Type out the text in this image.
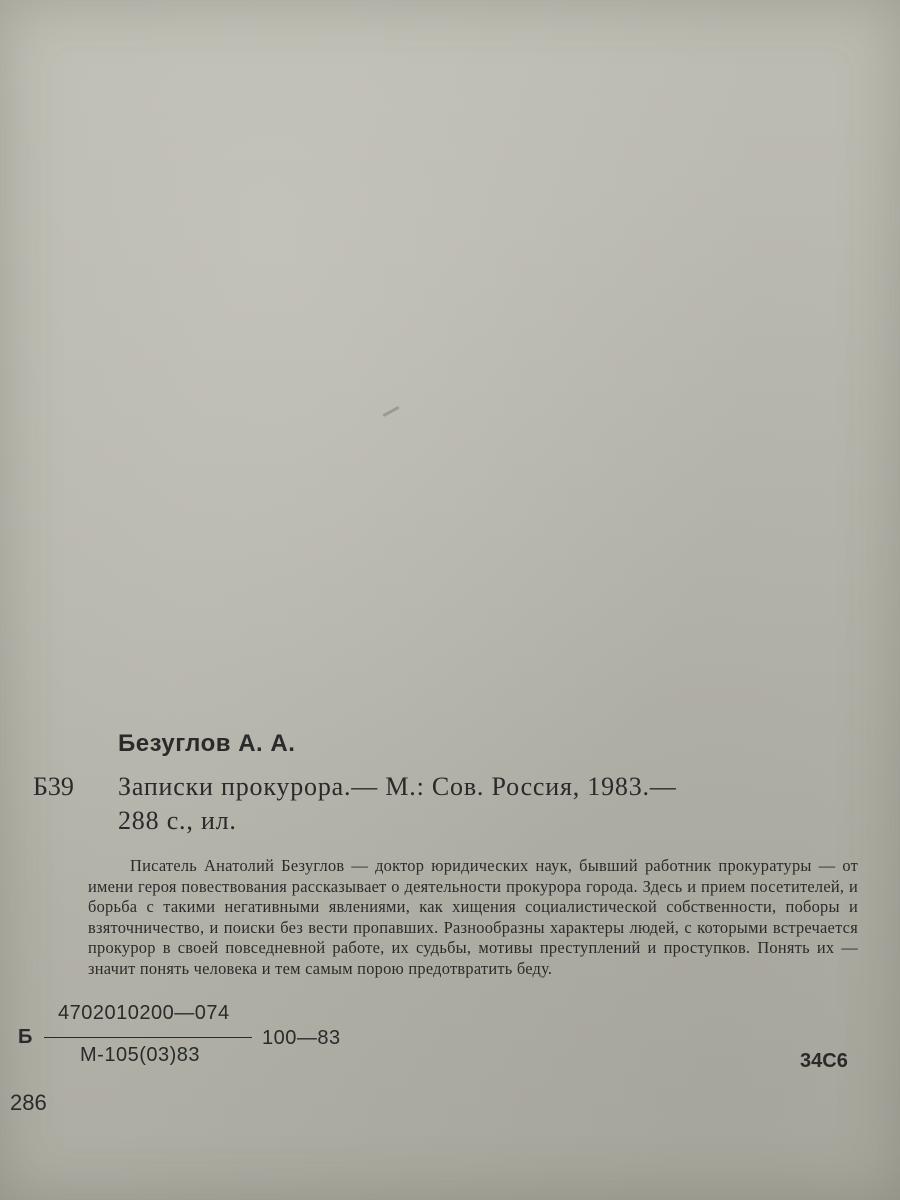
Безуглов А. А.
Б39 Записки прокурора.— М.: Сов. Россия, 1983.—
288 с., ил.
Писатель Анатолий Безуглов — доктор юридических наук, бывший работник прокуратуры — от имени героя повествования рассказывает о деятельности прокурора города. Здесь и прием посетителей, и борьба с такими негативными явлениями, как хищения социалистической собственности, поборы и взяточничество, и поиски без вести пропавших. Разнообразны характеры людей, с которыми встречается прокурор в своей повседневной работе, их судьбы, мотивы преступлений и проступков. Понять их — значит понять человека и тем самым порою предотвратить беду.
Б
4702010200—074
М-105(03)83
100—83
34С6
286
